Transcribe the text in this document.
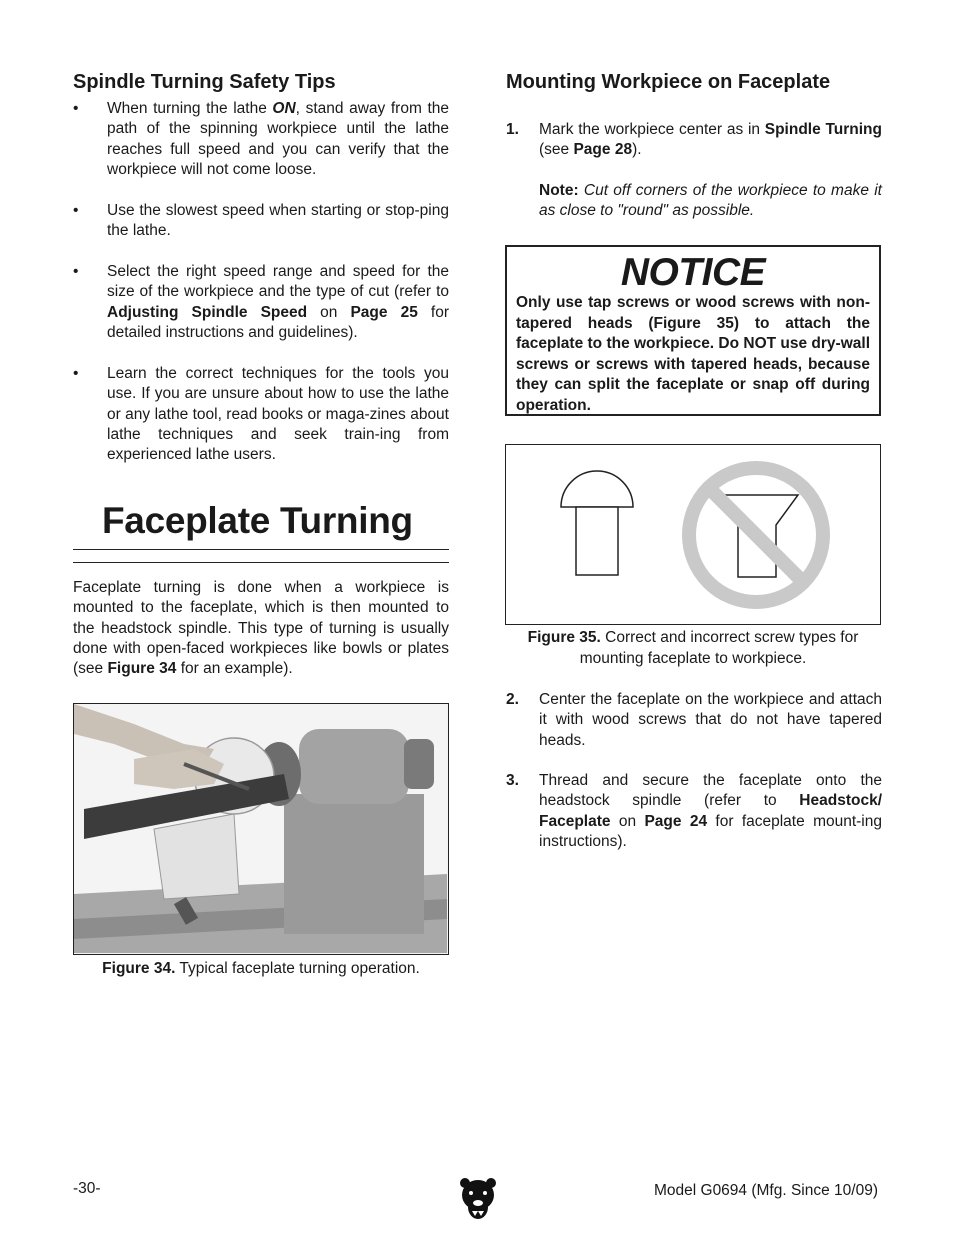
Spindle Turning Safety Tips
• When turning the lathe ON, stand away from the path of the spinning workpiece until the lathe reaches full speed and you can verify that the workpiece will not come loose.
• Use the slowest speed when starting or stop-ping the lathe.
• Select the right speed range and speed for the size of the workpiece and the type of cut (refer to Adjusting Spindle Speed on Page 25 for detailed instructions and guidelines).
• Learn the correct techniques for the tools you use. If you are unsure about how to use the lathe or any lathe tool, read books or maga-zines about lathe techniques and seek train-ing from experienced lathe users.
Faceplate Turning
Faceplate turning is done when a workpiece is mounted to the faceplate, which is then mounted to the headstock spindle. This type of turning is usually done with open-faced workpieces like bowls or plates (see Figure 34 for an example).
Figure 34. Typical faceplate turning operation.
Mounting Workpiece on Faceplate
1. Mark the workpiece center as in Spindle Turning (see Page 28).
Note: Cut off corners of the workpiece to make it as close to "round" as possible.
NOTICE
Only use tap screws or wood screws with non-tapered heads (Figure 35) to attach the faceplate to the workpiece. Do NOT use dry-wall screws or screws with tapered heads, because they can split the faceplate or snap off during operation.
Figure 35. Correct and incorrect screw types for mounting faceplate to workpiece.
2. Center the faceplate on the workpiece and attach it with wood screws that do not have tapered heads.
3. Thread and secure the faceplate onto the headstock spindle (refer to Headstock/ Faceplate on Page 24 for faceplate mount-ing instructions).
-30-	Model G0694 (Mfg. Since 10/09)
